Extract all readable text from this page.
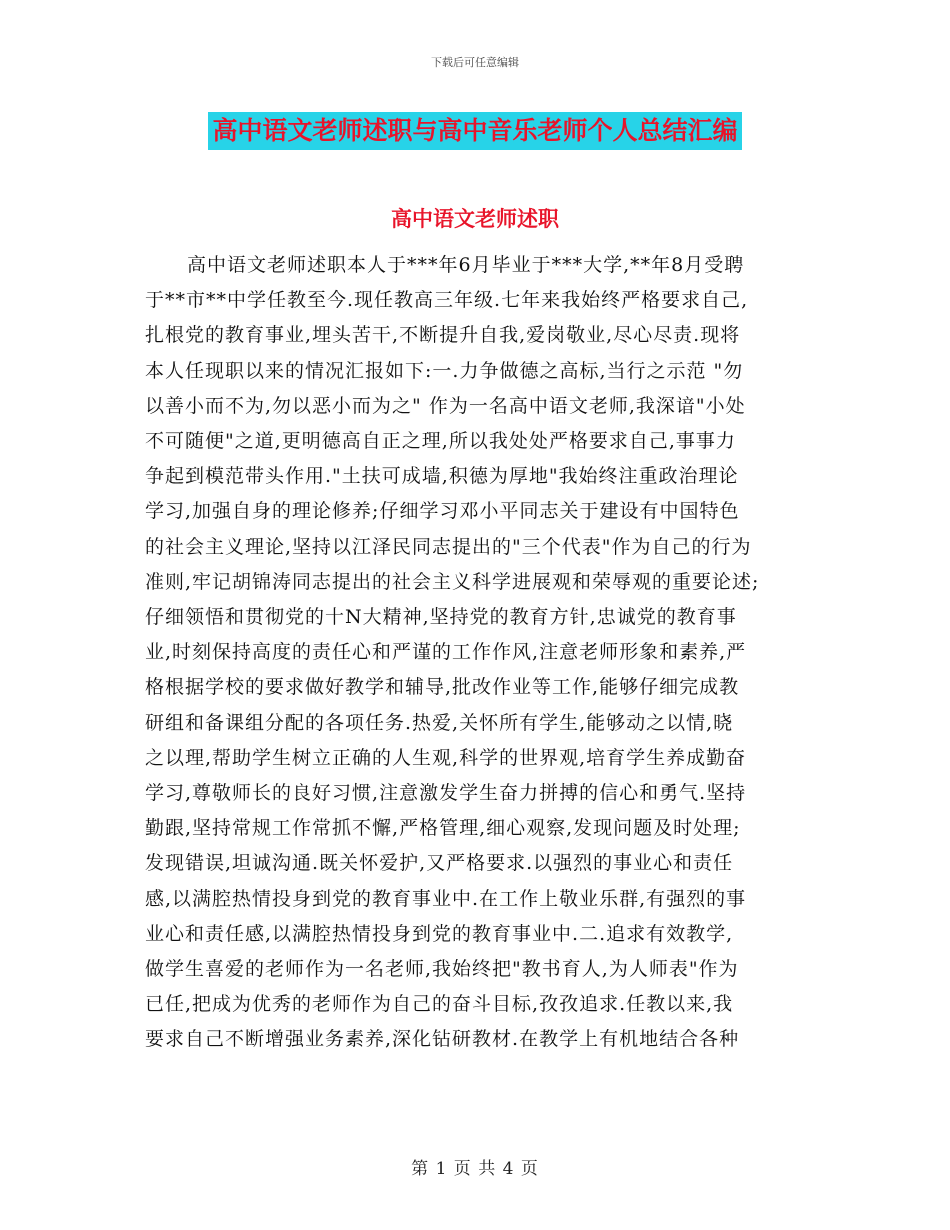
下载后可任意编辑
高中语文老师述职与高中音乐老师个人总结汇编
高中语文老师述职
高中语文老师述职本人于***年6月毕业于***大学,**年8月受聘
于**市**中学任教至今.现任教高三年级.七年来我始终严格要求自己,
扎根党的教育事业,埋头苦干,不断提升自我,爱岗敬业,尽心尽责.现将
本人任现职以来的情况汇报如下:一.力争做德之高标,当行之示范 "勿
以善小而不为,勿以恶小而为之" 作为一名高中语文老师,我深谙"小处
不可随便"之道,更明德高自正之理,所以我处处严格要求自己,事事力
争起到模范带头作用."土扶可成墙,积德为厚地"我始终注重政治理论
学习,加强自身的理论修养;仔细学习邓小平同志关于建设有中国特色
的社会主义理论,坚持以江泽民同志提出的"三个代表"作为自己的行为
准则,牢记胡锦涛同志提出的社会主义科学进展观和荣辱观的重要论述;
仔细领悟和贯彻党的十N大精神,坚持党的教育方针,忠诚党的教育事
业,时刻保持高度的责任心和严谨的工作作风,注意老师形象和素养,严
格根据学校的要求做好教学和辅导,批改作业等工作,能够仔细完成教
研组和备课组分配的各项任务.热爱,关怀所有学生,能够动之以情,晓
之以理,帮助学生树立正确的人生观,科学的世界观,培育学生养成勤奋
学习,尊敬师长的良好习惯,注意激发学生奋力拼搏的信心和勇气.坚持
勤跟,坚持常规工作常抓不懈,严格管理,细心观察,发现问题及时处理;
发现错误,坦诚沟通.既关怀爱护,又严格要求.以强烈的事业心和责任
感,以满腔热情投身到党的教育事业中.在工作上敬业乐群,有强烈的事
业心和责任感,以满腔热情投身到党的教育事业中.二.追求有效教学,
做学生喜爱的老师作为一名老师,我始终把"教书育人,为人师表"作为
已任,把成为优秀的老师作为自己的奋斗目标,孜孜追求.任教以来,我
要求自己不断增强业务素养,深化钻研教材.在教学上有机地结合各种
第 1 页 共 4 页
